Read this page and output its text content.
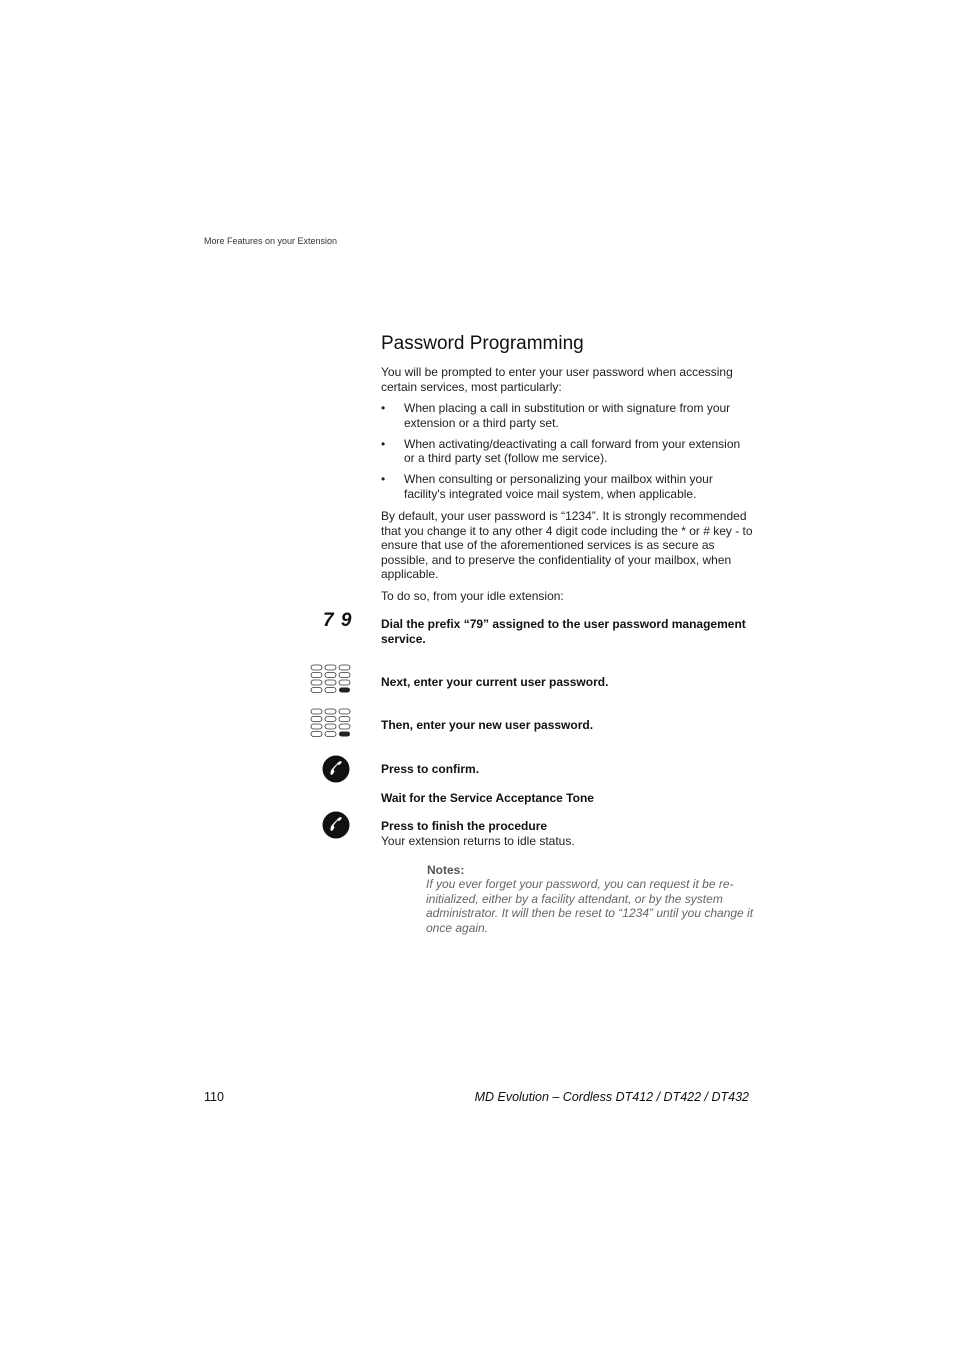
More Features on your Extension
Password Programming

You will be prompted to enter your user password when accessing certain services, most particularly:

• When placing a call in substitution or with signature from your extension or a third party set.
• When activating/deactivating a call forward from your extension or a third party set (follow me service).
• When consulting or personalizing your mailbox within your facility's integrated voice mail system, when applicable.

By default, your user password is “1234”. It is strongly recommended that you change it to any other 4 digit code including the * or # key - to ensure that use of the aforementioned services is as secure as possible, and to preserve the confidentiality of your mailbox, when applicable.

To do so, from your idle extension:

7 9 Dial the prefix “79” assigned to the user password management service.
Next, enter your current user password.
Then, enter your new user password.
Press to confirm.
Wait for the Service Acceptance Tone
Press to finish the procedure
Your extension returns to idle status.
Notes:
If you ever forget your password, you can request it be re-initialized, either by a facility attendant, or by the system administrator. It will then be reset to “1234” until you change it once again.
110	MD Evolution – Cordless DT412 / DT422 / DT432
